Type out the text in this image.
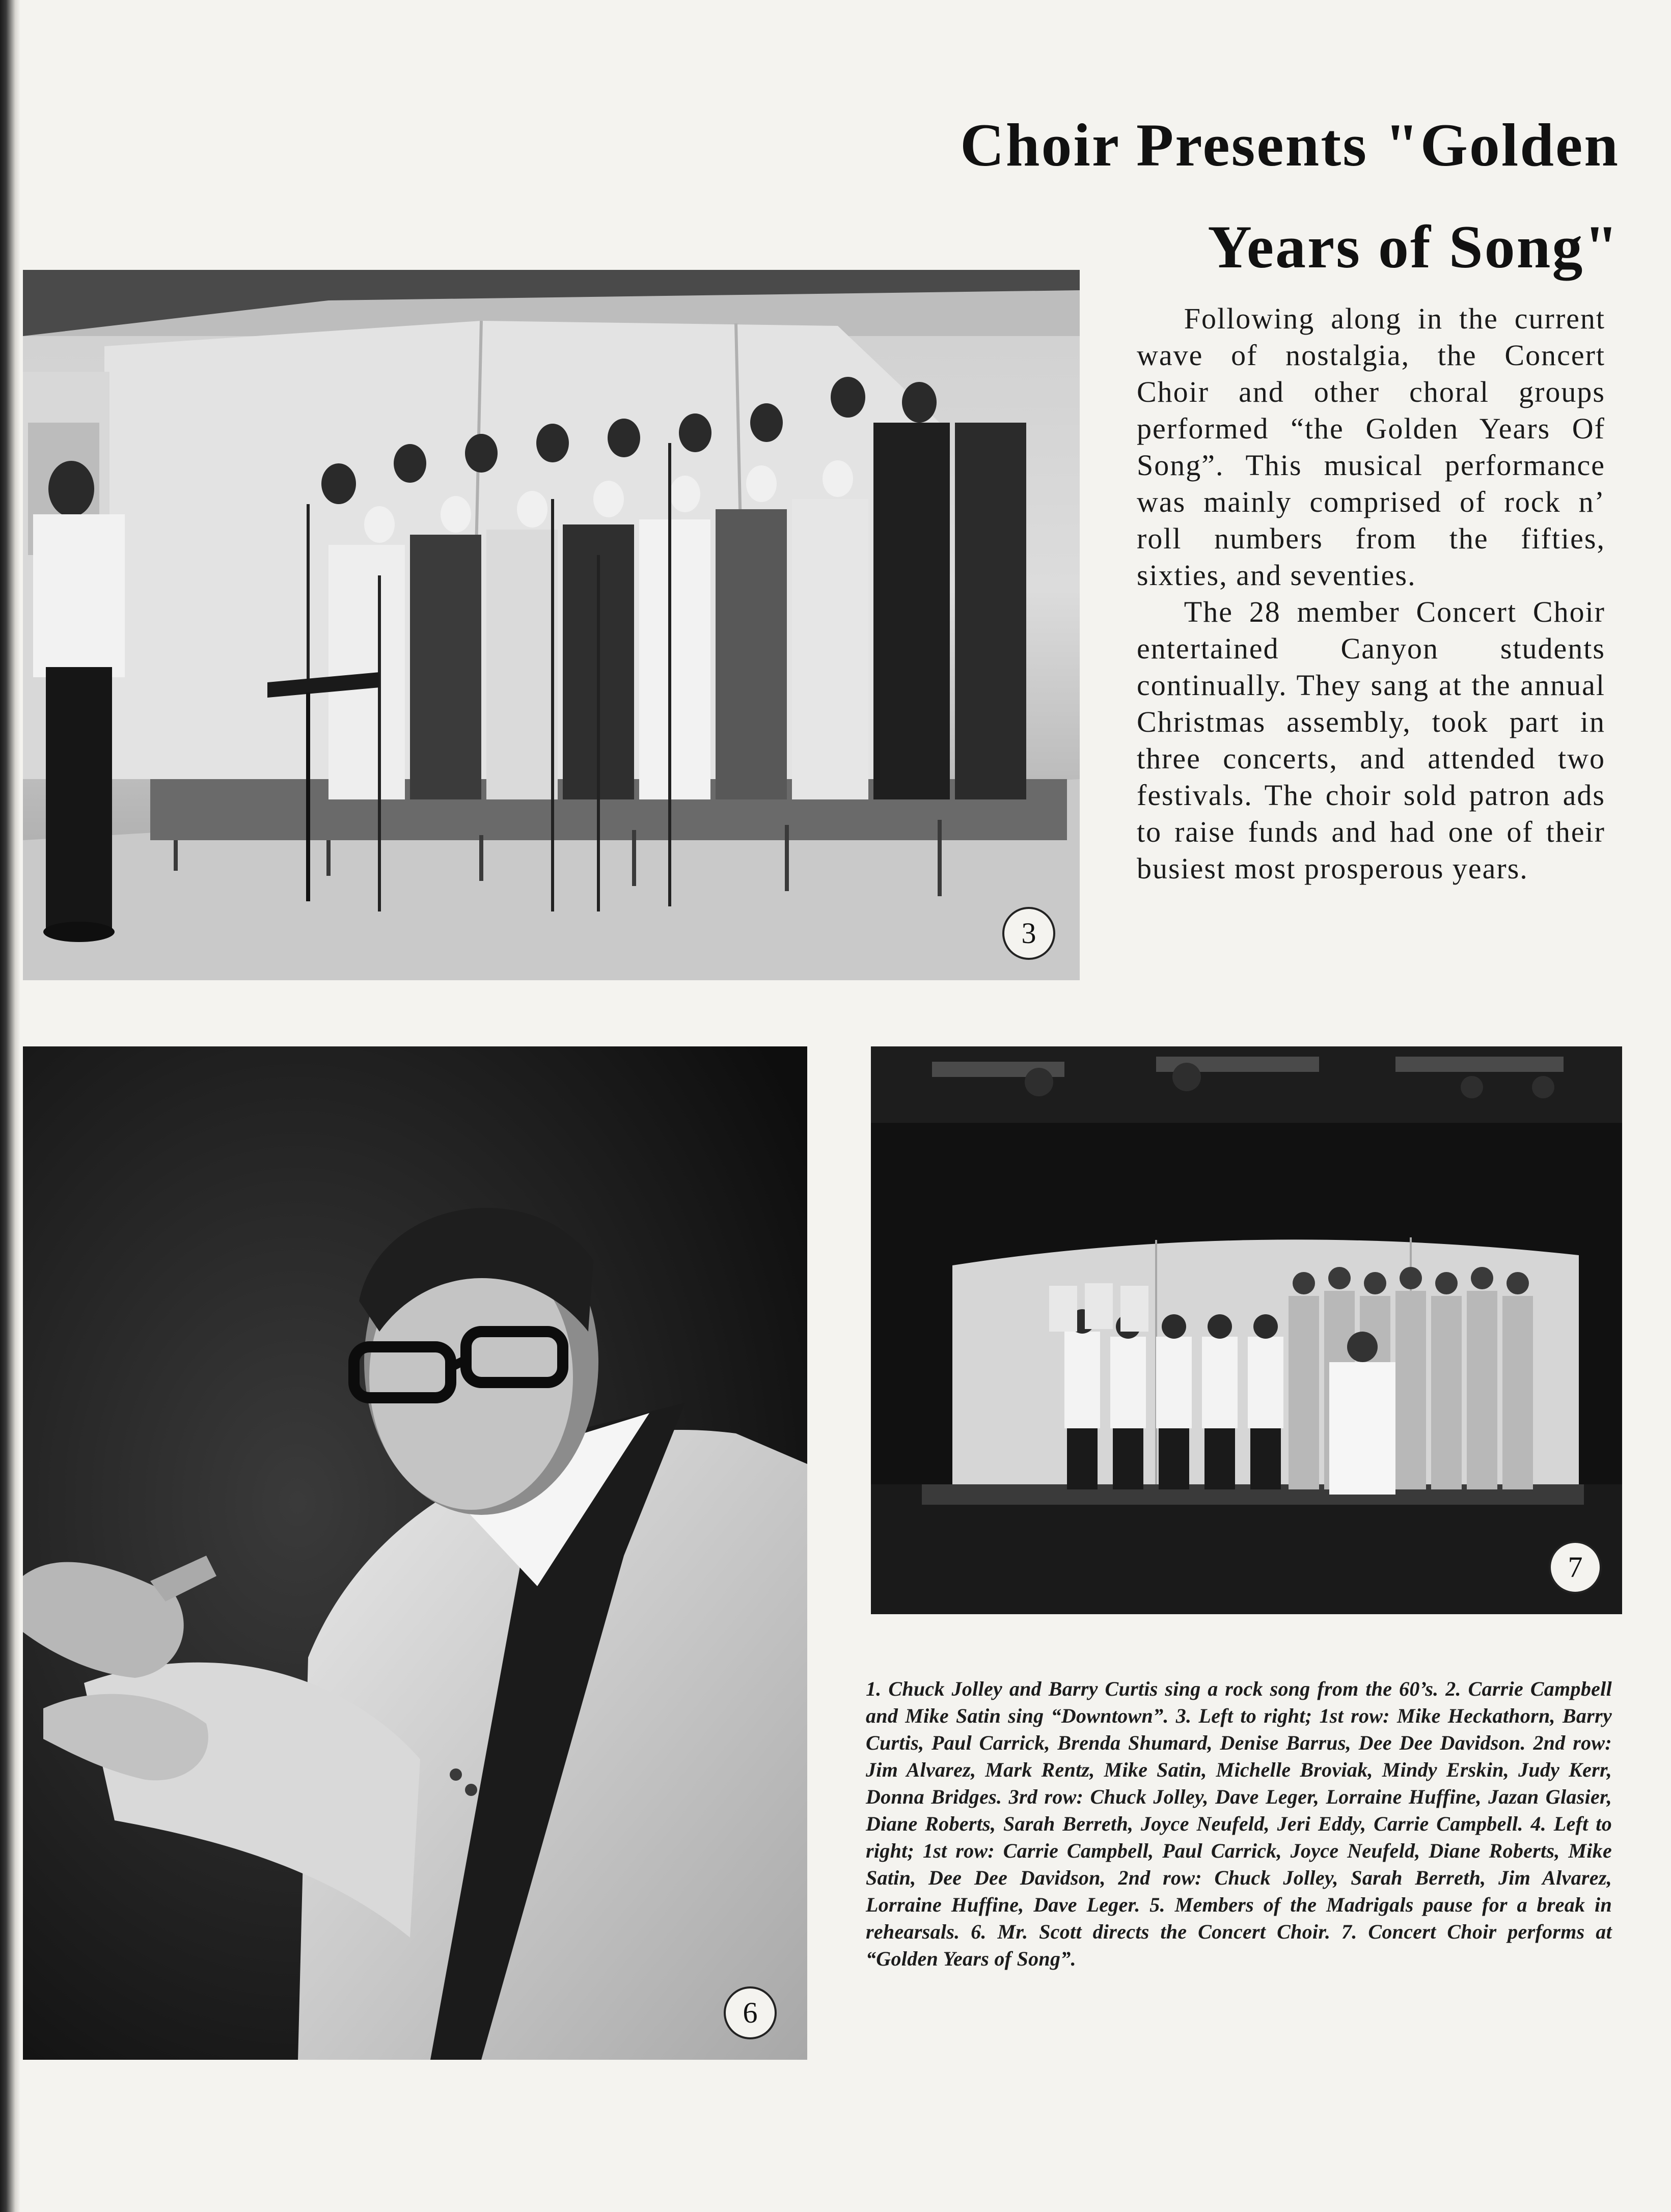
Choir Presents "Golden
Years of Song"

Following along in the current wave of nostalgia, the Concert Choir and other choral groups performed “the Golden Years Of Song”. This musical performance was mainly comprised of rock n’ roll numbers from the fifties, sixties, and seventies.

The 28 member Concert Choir entertained Canyon students continually. They sang at the annual Christmas assembly, took part in three concerts, and attended two festivals. The choir sold patron ads to raise funds and had one of their busiest most prosperous years.

3
6
7

1. Chuck Jolley and Barry Curtis sing a rock song from the 60’s. 2. Carrie Campbell and Mike Satin sing “Downtown”. 3. Left to right; 1st row: Mike Heckathorn, Barry Curtis, Paul Carrick, Brenda Shumard, Denise Barrus, Dee Dee Davidson. 2nd row: Jim Alvarez, Mark Rentz, Mike Satin, Michelle Broviak, Mindy Erskin, Judy Kerr, Donna Bridges. 3rd row: Chuck Jolley, Dave Leger, Lorraine Huffine, Jazan Glasier, Diane Roberts, Sarah Berreth, Joyce Neufeld, Jeri Eddy, Carrie Campbell. 4. Left to right; 1st row: Carrie Campbell, Paul Carrick, Joyce Neufeld, Diane Roberts, Mike Satin, Dee Dee Davidson, 2nd row: Chuck Jolley, Sarah Berreth, Jim Alvarez, Lorraine Huffine, Dave Leger. 5. Members of the Madrigals pause for a break in rehearsals. 6. Mr. Scott directs the Concert Choir. 7. Concert Choir performs at “Golden Years of Song”.
